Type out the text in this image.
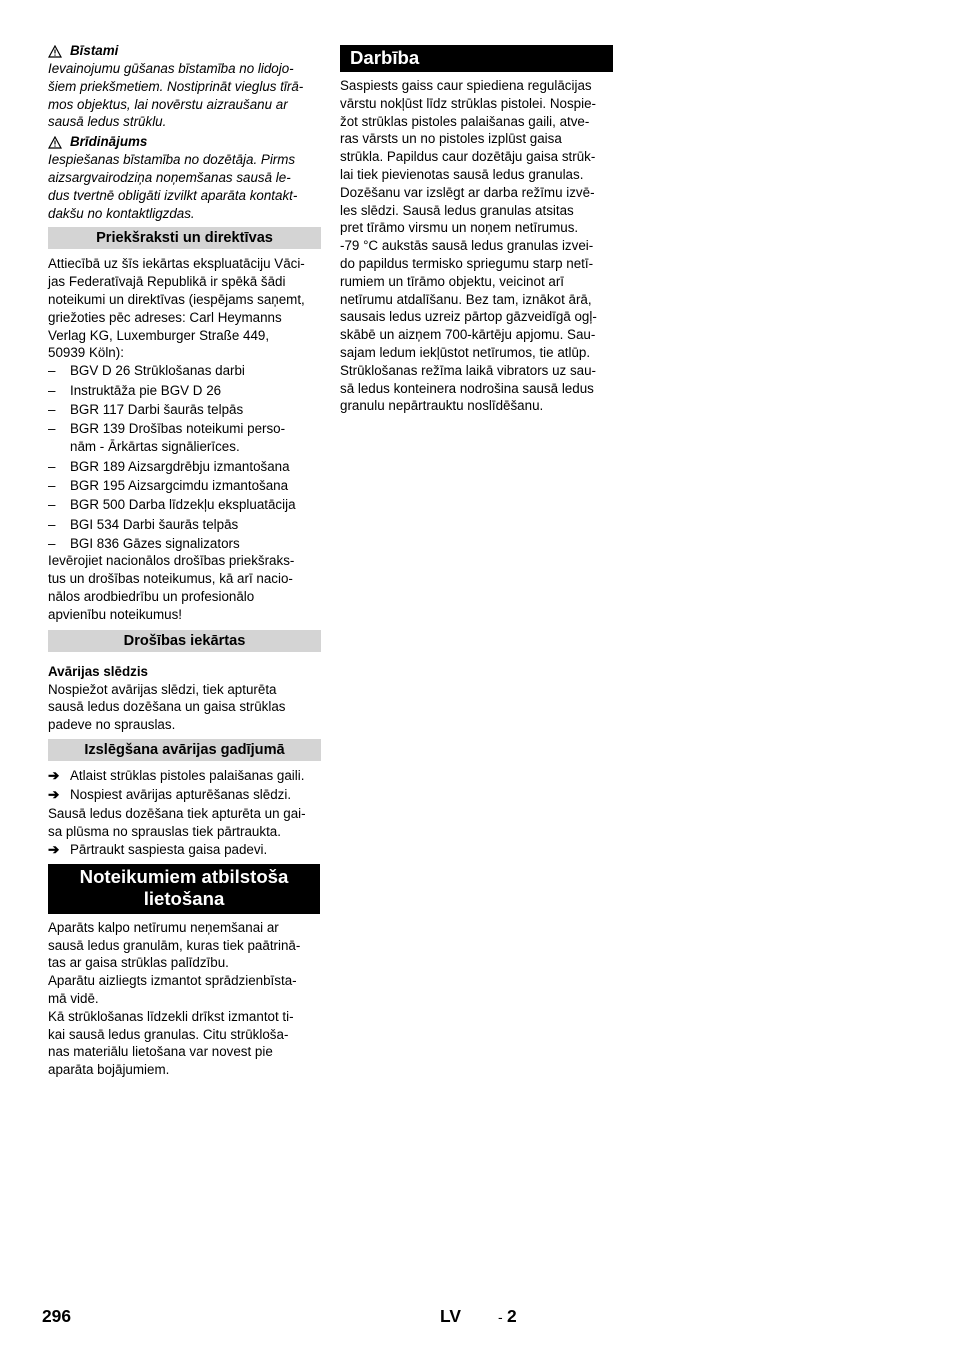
Bīstami

Ievainojumu gūšanas bīstamība no lidojo-
šiem priekšmetiem. Nostiprināt vieglus tīrā-
mos objektus, lai novērstu aizraušanu ar
sausā ledus strūklu.

Brīdinājums

Iespiešanas bīstamība no dozētāja. Pirms
aizsargvairodziņa noņemšanas sausā le-
dus tvertnē obligāti izvilkt aparāta kontakt-
dakšu no kontaktligzdas.

Priekšraksti un direktīvas

Attiecībā uz šīs iekārtas ekspluatāciju Vāci-
jas Federatīvajā Republikā ir spēkā šādi
noteikumi un direktīvas (iespējams saņemt,
griežoties pēc adreses: Carl Heymanns
Verlag KG, Luxemburger Straße 449,
50939 Köln):

– BGV D 26 Strūklošanas darbi
– Instruktāža pie BGV D 26
– BGR 117 Darbi šaurās telpās
– BGR 139 Drošības noteikumi perso-
nām - Ārkārtas signālierīces.
– BGR 189 Aizsargdrēbju izmantošana
– BGR 195 Aizsargcimdu izmantošana
– BGR 500 Darba līdzekļu ekspluatācija
– BGI 534 Darbi šaurās telpās
– BGI 836 Gāzes signalizators

Ievērojiet nacionālos drošības priekšraks-
tus un drošības noteikumus, kā arī nacio-
nālos arodbiedrību un profesionālo
apvienību noteikumus!

Drošības iekārtas
Avārijas slēdzis

Nospiežot avārijas slēdzi, tiek apturēta
sausā ledus dozēšana un gaisa strūklas
padeve no sprauslas.

Izslēgšana avārijas gadījumā
➔ Atlaist strūklas pistoles palaišanas gaili.
➔ Nospiest avārijas apturēšanas slēdzi.

Sausā ledus dozēšana tiek apturēta un gai-
sa plūsma no sprauslas tiek pārtraukta.

➔ Pārtraukt saspiesta gaisa padevi.
Noteikumiem atbilstoša
lietošana

Aparāts kalpo netīrumu neņemšanai ar
sausā ledus granulām, kuras tiek paātrinā-
tas ar gaisa strūklas palīdzību.
Aparātu aizliegts izmantot sprādzienbīsta-
mā vidē.
Kā strūklošanas līdzekli drīkst izmantot ti-
kai sausā ledus granulas. Citu strūkloša-
nas materiālu lietošana var novest pie
aparāta bojājumiem.

Darbība

Saspiests gaiss caur spiediena regulācijas
vārstu nokļūst līdz strūklas pistolei. Nospie-
žot strūklas pistoles palaišanas gaili, atve-
ras vārsts un no pistoles izplūst gaisa
strūkla. Papildus caur dozētāju gaisa strūk-
lai tiek pievienotas sausā ledus granulas.
Dozēšanu var izslēgt ar darba režīmu izvē-
les slēdzi. Sausā ledus granulas atsitas
pret tīrāmo virsmu un noņem netīrumus.
-79 °C aukstās sausā ledus granulas izvei-
do papildus termisko spriegumu starp netī-
rumiem un tīrāmo objektu, veicinot arī
netīrumu atdalīšanu. Bez tam, iznākot ārā,
sausais ledus uzreiz pārtop gāzveidīgā ogļ-
skābē un aizņem 700-kārtēju apjomu. Sau-
sajam ledum iekļūstot netīrumos, tie atlūp.
Strūklošanas režīma laikā vibrators uz sau-
sā ledus konteinera nodrošina sausā ledus
granulu nepārtrauktu noslīdēšanu.

296	LV	- 2
